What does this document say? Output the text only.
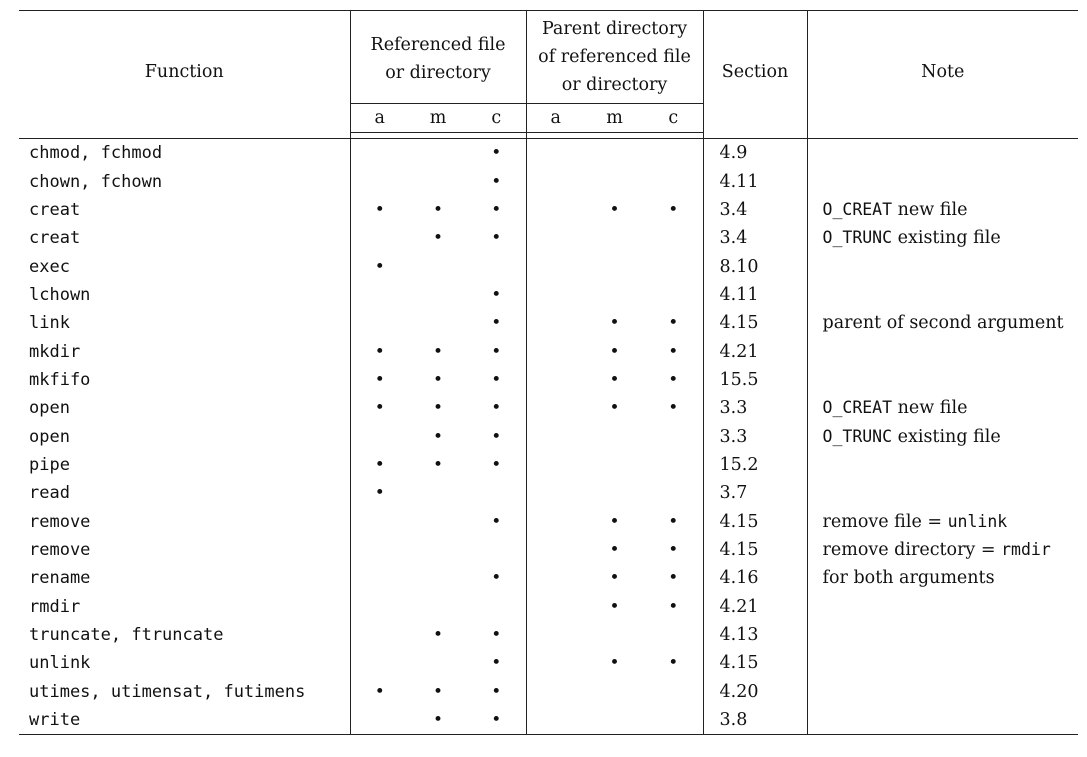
Function	Referenced file or directory			Parent directory of referenced file or directory			Section	Note
	a	m	c	a	m	c		

chmod, fchmod			•				4.9	
chown, fchown			•				4.11	
creat	•	•	•		•	•	3.4	O_CREAT new file
creat		•	•				3.4	O_TRUNC existing file
exec	•						8.10	
lchown			•				4.11	
link			•		•	•	4.15	parent of second argument
mkdir	•	•	•		•	•	4.21	
mkfifo	•	•	•		•	•	15.5	
open	•	•	•		•	•	3.3	O_CREAT new file
open		•	•				3.3	O_TRUNC existing file
pipe	•	•	•				15.2	
read	•						3.7	
remove			•		•	•	4.15	remove file = unlink
remove					•	•	4.15	remove directory = rmdir
rename			•		•	•	4.16	for both arguments
rmdir					•	•	4.21	
truncate, ftruncate		•	•				4.13	
unlink			•		•	•	4.15	
utimes, utimensat, futimens	•	•	•				4.20	
write		•	•				3.8	
